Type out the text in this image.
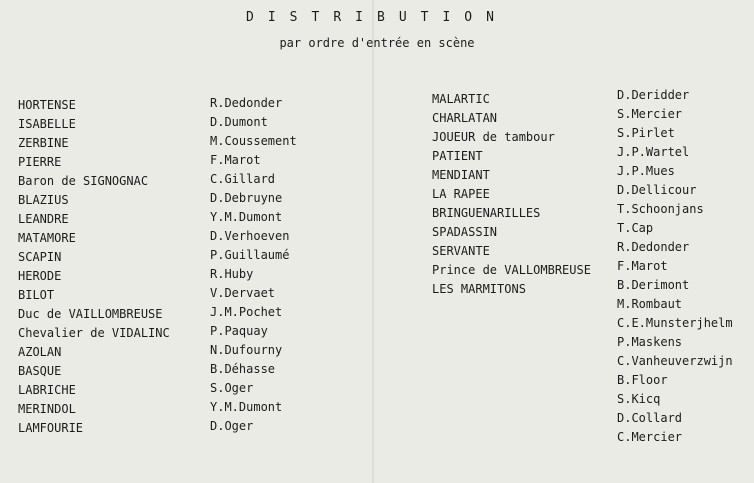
DISTRIBUTION
par ordre d'entrée en scène
HORTENSE
ISABELLE
ZERBINE
PIERRE
Baron de SIGNOGNAC
BLAZIUS
LEANDRE
MATAMORE
SCAPIN
HERODE
BILOT
Duc de VAILLOMBREUSE
Chevalier de VIDALINC
AZOLAN
BASQUE
LABRICHE
MERINDOL
LAMFOURIE
R.Dedonder
D.Dumont
M.Coussement
F.Marot
C.Gillard
D.Debruyne
Y.M.Dumont
D.Verhoeven
P.Guillaumé
R.Huby
V.Dervaet
J.M.Pochet
P.Paquay
N.Dufourny
B.Déhasse
S.Oger
Y.M.Dumont
D.Oger
MALARTIC
CHARLATAN
JOUEUR de tambour
PATIENT
MENDIANT
LA RAPEE
BRINGUENARILLES
SPADASSIN
SERVANTE
Prince de VALLOMBREUSE
LES MARMITONS
D.Deridder
S.Mercier
S.Pirlet
J.P.Wartel
J.P.Mues
D.Dellicour
T.Schoonjans
T.Cap
R.Dedonder
F.Marot
B.Derimont
M.Rombaut
C.E.Munsterjhelm
P.Maskens
C.Vanheuverzwijn
B.Floor
S.Kicq
D.Collard
C.Mercier
